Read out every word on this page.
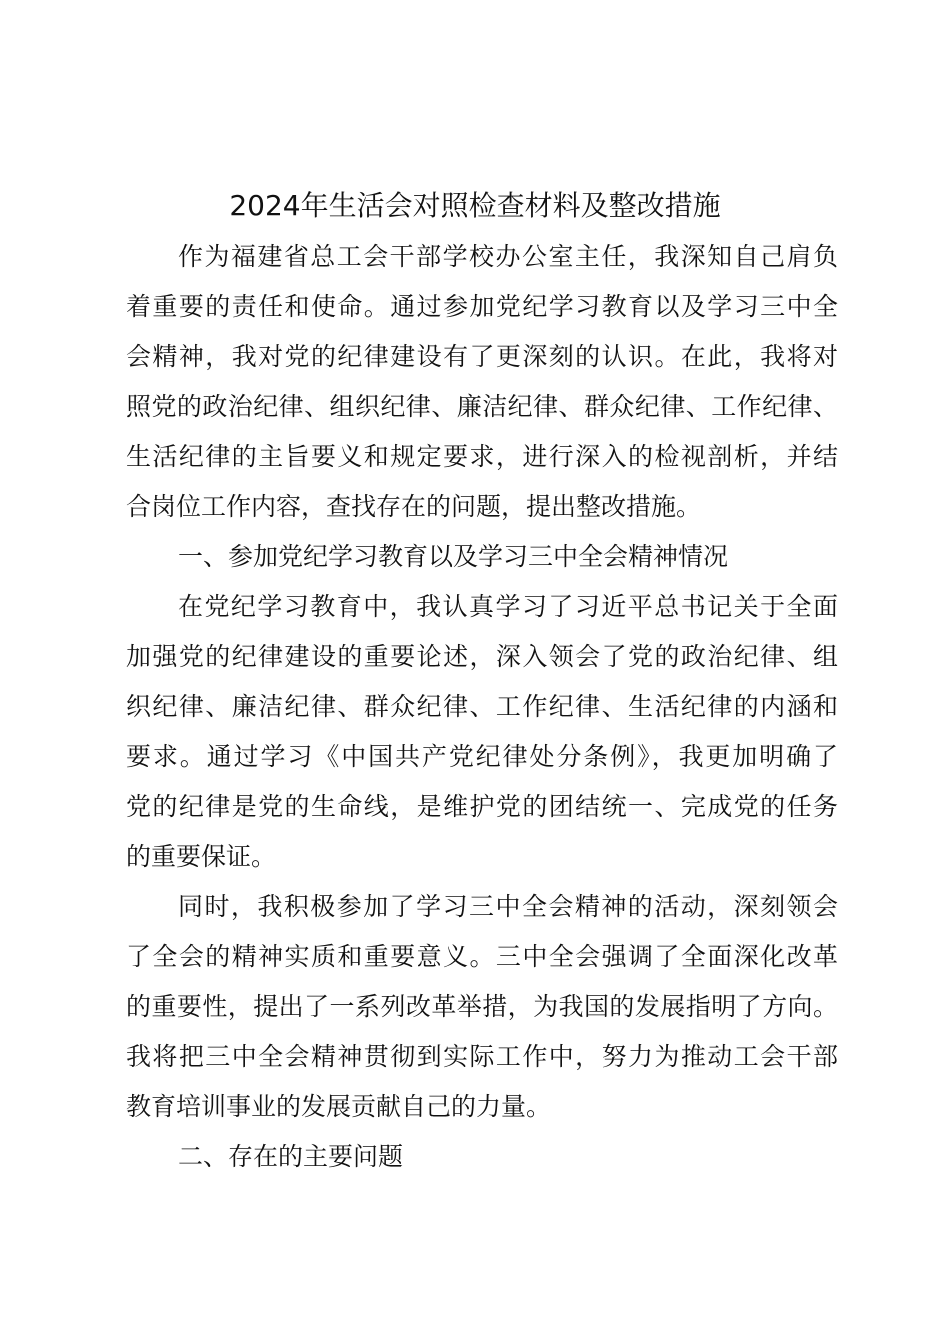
2024年生活会对照检查材料及整改措施
作为福建省总工会干部学校办公室主任，我深知自己肩负
着重要的责任和使命。通过参加党纪学习教育以及学习三中全
会精神，我对党的纪律建设有了更深刻的认识。在此，我将对
照党的政治纪律、组织纪律、廉洁纪律、群众纪律、工作纪律、
生活纪律的主旨要义和规定要求，进行深入的检视剖析，并结
合岗位工作内容，查找存在的问题，提出整改措施。
一、参加党纪学习教育以及学习三中全会精神情况
在党纪学习教育中，我认真学习了习近平总书记关于全面
加强党的纪律建设的重要论述，深入领会了党的政治纪律、组
织纪律、廉洁纪律、群众纪律、工作纪律、生活纪律的内涵和
要求。通过学习《中国共产党纪律处分条例》，我更加明确了
党的纪律是党的生命线，是维护党的团结统一、完成党的任务
的重要保证。
同时，我积极参加了学习三中全会精神的活动，深刻领会
了全会的精神实质和重要意义。三中全会强调了全面深化改革
的重要性，提出了一系列改革举措，为我国的发展指明了方向。
我将把三中全会精神贯彻到实际工作中，努力为推动工会干部
教育培训事业的发展贡献自己的力量。
二、存在的主要问题
